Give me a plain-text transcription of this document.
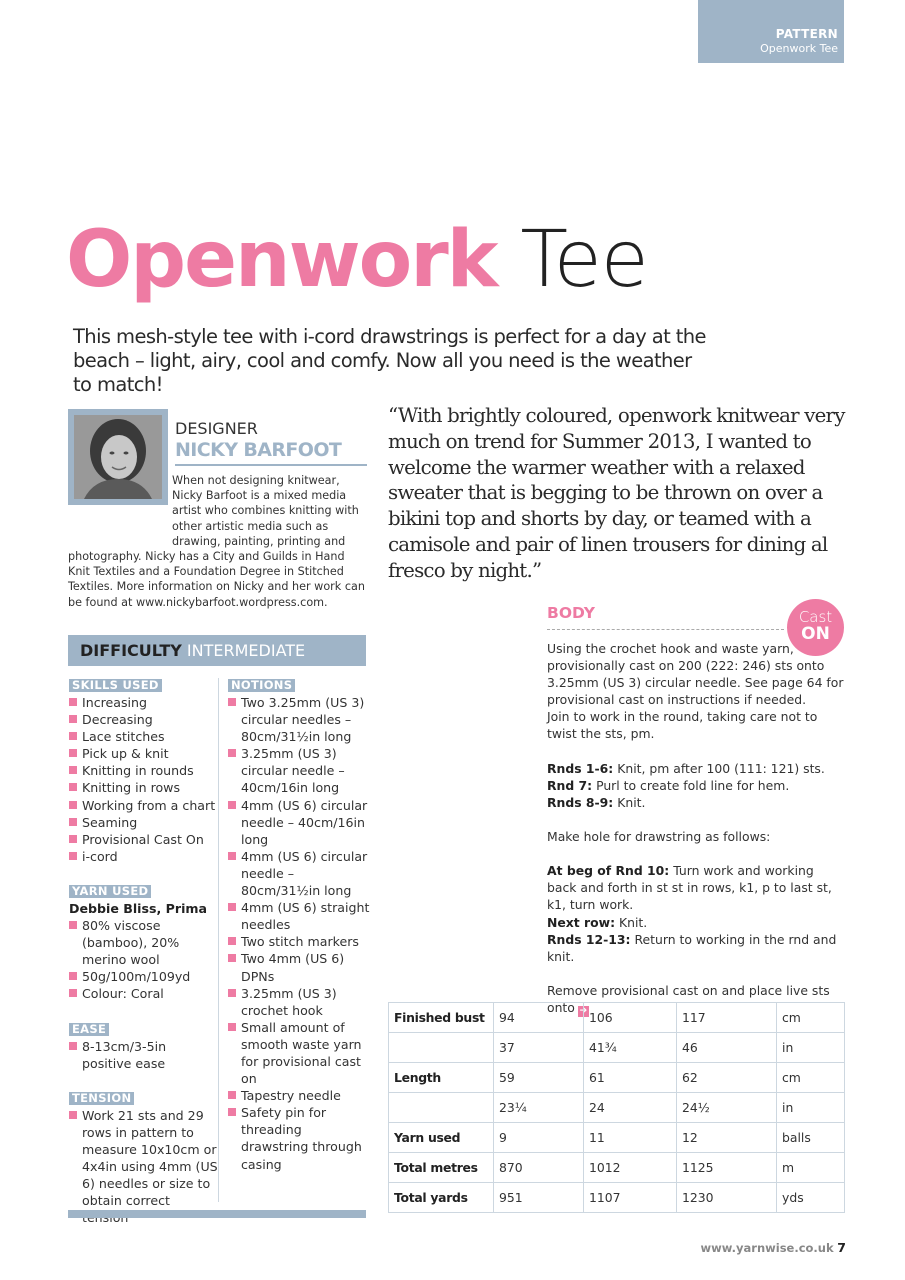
PATTERN
Openwork Tee
Openwork Tee
This mesh-style tee with i-cord drawstrings is perfect for a day at the beach – light, airy, cool and comfy. Now all you need is the weather to match!
DESIGNER
NICKY BARFOOT
When not designing knitwear, Nicky Barfoot is a mixed media artist who combines knitting with other artistic media such as drawing, painting, printing and photography. Nicky has a City and Guilds in Hand Knit Textiles and a Foundation Degree in Stitched Textiles. More information on Nicky and her work can be found at www.nickybarfoot.wordpress.com.
“With brightly coloured, openwork knitwear very much on trend for Summer 2013, I wanted to welcome the warmer weather with a relaxed sweater that is begging to be thrown on over a bikini top and shorts by day, or teamed with a camisole and pair of linen trousers for dining al fresco by night.”
DIFFICULTY INTERMEDIATE
SKILLS USED
Increasing
Decreasing
Lace stitches
Pick up & knit
Knitting in rounds
Knitting in rows
Working from a chart
Seaming
Provisional Cast On
i-cord
YARN USED
Debbie Bliss, Prima
80% viscose (bamboo), 20% merino wool
50g/100m/109yd
Colour: Coral
EASE
8-13cm/3-5in positive ease
TENSION
Work 21 sts and 29 rows in pattern to measure 10x10cm or 4x4in using 4mm (US 6) needles or size to obtain correct
NOTIONS
Two 3.25mm (US 3) circular needles – 80cm/31½in long
3.25mm (US 3) circular needle – 40cm/16in long
4mm (US 6) circular needle – 40cm/16in long
4mm (US 6) circular needle – 80cm/31½in long
4mm (US 6) straight needles
Two stitch markers
Two 4mm (US 6) DPNs
3.25mm (US 3) crochet hook
Small amount of smooth waste yarn for provisional cast on
Tapestry needle
Safety pin for threading drawstring through casing
BODY	Cast
ON
Using the crochet hook and waste yarn, provisionally cast on 200 (222: 246) sts onto 3.25mm (US 3) circular needle. See page 64 for provisional cast on instructions if needed.

Join to work in the round, taking care not to twist the sts, pm.

Rnds 1-6: Knit, pm after 100 (111: 121) sts.
Rnd 7: Purl to create fold line for hem.

Rnds 8-9: Knit.

Make hole for drawstring as follows:

At beg of Rnd 10: Turn work and working back and forth in st st in rows, k1, p to last st, k1, turn work.
Next row: Knit.

Rnds 12-13: Return to working in the rnd and knit.

Remove provisional cast on and place live sts onto ➔
Finished bust	94	106	117	cm
	37	41¾	46	in
Length	59	61	62	cm
	23¼	24	24½	in
Yarn used	9	11	12	balls
Total metres	870	1012	1125	m
Total yards	951	1107	1230	yds
www.yarnwise.co.uk 7
